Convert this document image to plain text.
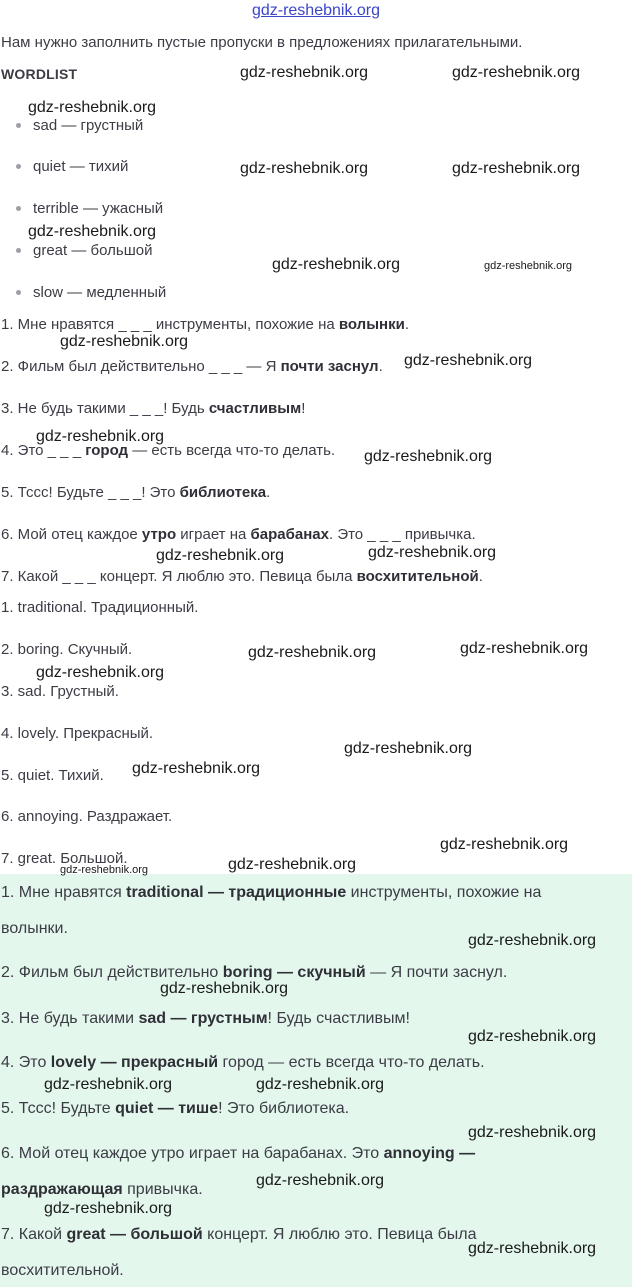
gdz-reshebnik.org
Нам нужно заполнить пустые пропуски в предложениях прилагательными.
WORDLIST
sad — грустный
quiet — тихий
terrible — ужасный
great — большой
slow — медленный
1. Мне нравятся _ _ _ инструменты, похожие на волынки.
2. Фильм был действительно _ _ _ — Я почти заснул.
3. Не будь такими _ _ _! Будь счастливым!
4. Это _ _ _ город — есть всегда что-то делать.
5. Тссс! Будьте _ _ _! Это библиотека.
6. Мой отец каждое утро играет на барабанах. Это _ _ _ привычка.
7. Какой _ _ _ концерт. Я люблю это. Певица была восхитительной.
1. traditional. Традиционный.
2. boring. Скучный.
3. sad. Грустный.
4. lovely. Прекрасный.
5. quiet. Тихий.
6. annoying. Раздражает.
7. great. Большой.
1. Мне нравятся traditional — традиционные инструменты, похожие на
волынки.
2. Фильм был действительно boring — скучный — Я почти заснул.
3. Не будь такими sad — грустным! Будь счастливым!
4. Это lovely — прекрасный город — есть всегда что-то делать.
5. Тссс! Будьте quiet — тише! Это библиотека.
6. Мой отец каждое утро играет на барабанах. Это annoying —
раздражающая привычка.
7. Какой great — большой концерт. Я люблю это. Певица была
восхитительной.
gdz-reshebnik.org	gdz-reshebnik.org
gdz-reshebnik.org
gdz-reshebnik.org	gdz-reshebnik.org
gdz-reshebnik.org
gdz-reshebnik.org	gdz-reshebnik.org
gdz-reshebnik.org
gdz-reshebnik.org
gdz-reshebnik.org
gdz-reshebnik.org
gdz-reshebnik.org	gdz-reshebnik.org
gdz-reshebnik.org	gdz-reshebnik.org
gdz-reshebnik.org
gdz-reshebnik.org
gdz-reshebnik.org
gdz-reshebnik.org
gdz-reshebnik.org
gdz-reshebnik.org
gdz-reshebnik.org
gdz-reshebnik.org
gdz-reshebnik.org
gdz-reshebnik.org	gdz-reshebnik.org
gdz-reshebnik.org
gdz-reshebnik.org
gdz-reshebnik.org
gdz-reshebnik.org
